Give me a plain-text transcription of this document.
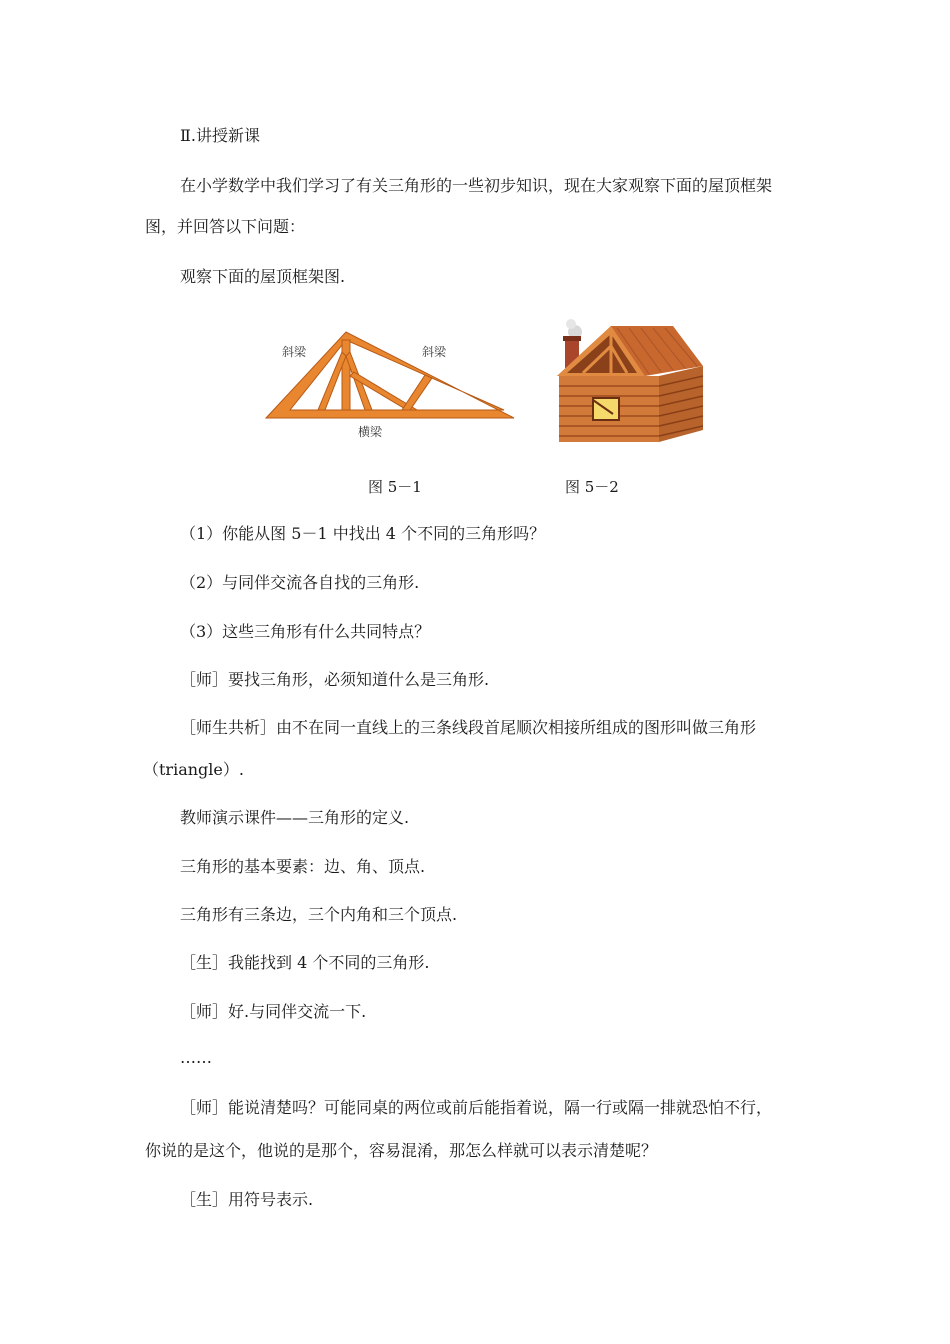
Ⅱ.讲授新课
在小学数学中我们学习了有关三角形的一些初步知识，现在大家观察下面的屋顶框架
图，并回答以下问题：
观察下面的屋顶框架图.
斜梁	斜梁
横梁
图 5－1	图 5－2
（1）你能从图 5－1 中找出 4 个不同的三角形吗？
（2）与同伴交流各自找的三角形.
（3）这些三角形有什么共同特点？
［师］要找三角形，必须知道什么是三角形.
［师生共析］由不在同一直线上的三条线段首尾顺次相接所组成的图形叫做三角形
（triangle）.
教师演示课件——三角形的定义.
三角形的基本要素：边、角、顶点.
三角形有三条边，三个内角和三个顶点.
［生］我能找到 4 个不同的三角形.
［师］好.与同伴交流一下.
……
［师］能说清楚吗？可能同桌的两位或前后能指着说，隔一行或隔一排就恐怕不行，
你说的是这个，他说的是那个，容易混淆，那怎么样就可以表示清楚呢？
［生］用符号表示.
